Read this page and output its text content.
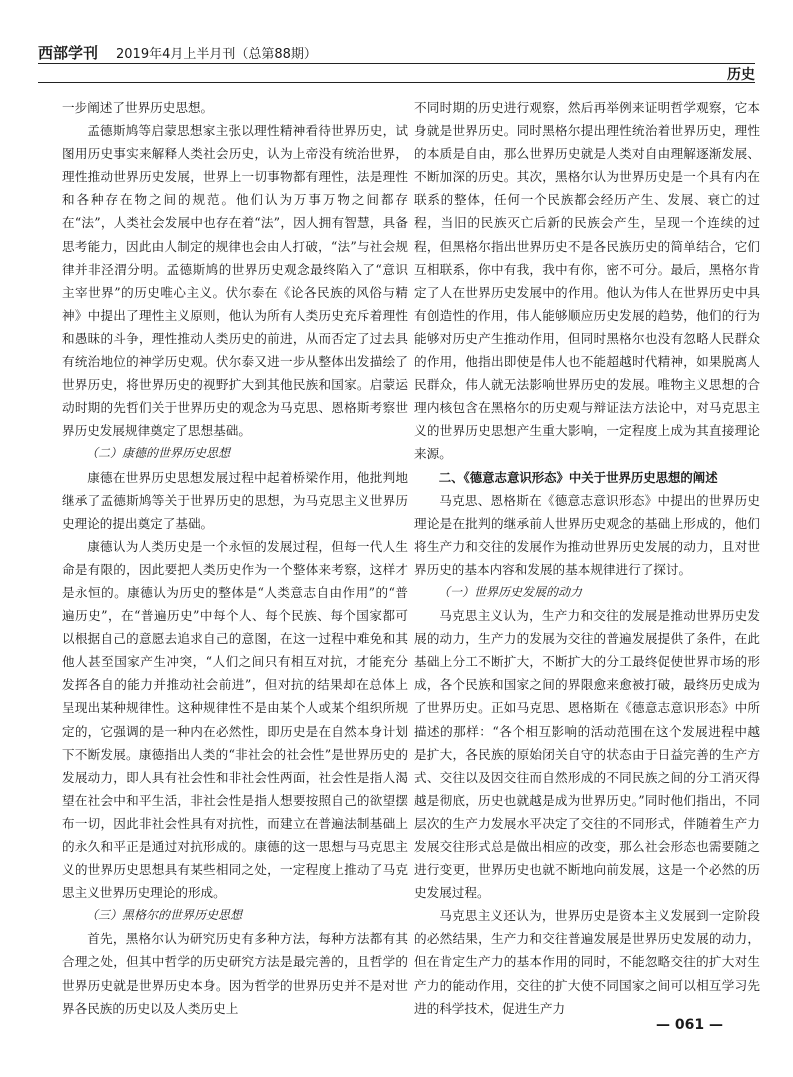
西部学刊 2019年4月上半月刊（总第88期）
历史

一步阐述了世界历史思想。

孟德斯鸠等启蒙思想家主张以理性精神看待世界历史，试图用历史事实来解释人类社会历史，认为上帝没有统治世界，理性推动世界历史发展，世界上一切事物都有理性，法是理性和各种存在物之间的规范。他们认为万事万物之间都存在“法”，人类社会发展中也存在着“法”，因人拥有智慧，具备思考能力，因此由人制定的规律也会由人打破，“法”与社会规律并非泾渭分明。孟德斯鸠的世界历史观念最终陷入了“意识主宰世界”的历史唯心主义。伏尔泰在《论各民族的风俗与精神》中提出了理性主义原则，他认为所有人类历史充斥着理性和愚昧的斗争，理性推动人类历史的前进，从而否定了过去具有统治地位的神学历史观。伏尔泰又进一步从整体出发描绘了世界历史，将世界历史的视野扩大到其他民族和国家。启蒙运动时期的先哲们关于世界历史的观念为马克思、恩格斯考察世界历史发展规律奠定了思想基础。

（二）康德的世界历史思想

康德在世界历史思想发展过程中起着桥梁作用，他批判地继承了孟德斯鸠等关于世界历史的思想，为马克思主义世界历史理论的提出奠定了基础。

康德认为人类历史是一个永恒的发展过程，但每一代人生命是有限的，因此要把人类历史作为一个整体来考察，这样才是永恒的。康德认为历史的整体是“人类意志自由作用”的“普遍历史”，在“普遍历史”中每个人、每个民族、每个国家都可以根据自己的意愿去追求自己的意图，在这一过程中难免和其他人甚至国家产生冲突，“人们之间只有相互对抗，才能充分发挥各自的能力并推动社会前进”，但对抗的结果却在总体上呈现出某种规律性。这种规律性不是由某个人或某个组织所规定的，它强调的是一种内在必然性，即历史是在自然本身计划下不断发展。康德指出人类的“非社会的社会性”是世界历史的发展动力，即人具有社会性和非社会性两面，社会性是指人渴望在社会中和平生活，非社会性是指人想要按照自己的欲望摆布一切，因此非社会性具有对抗性，而建立在普遍法制基础上的永久和平正是通过对抗形成的。康德的这一思想与马克思主义的世界历史思想具有某些相同之处，一定程度上推动了马克思主义世界历史理论的形成。

（三）黑格尔的世界历史思想

首先，黑格尔认为研究历史有多种方法，每种方法都有其合理之处，但其中哲学的历史研究方法是最完善的，且哲学的世界历史就是世界历史本身。因为哲学的世界历史并不是对世界各民族的历史以及人类历史上

不同时期的历史进行观察，然后再举例来证明哲学观察，它本身就是世界历史。同时黑格尔提出理性统治着世界历史，理性的本质是自由，那么世界历史就是人类对自由理解逐渐发展、不断加深的历史。其次，黑格尔认为世界历史是一个具有内在联系的整体，任何一个民族都会经历产生、发展、衰亡的过程，当旧的民族灭亡后新的民族会产生，呈现一个连续的过程，但黑格尔指出世界历史不是各民族历史的简单结合，它们互相联系，你中有我，我中有你，密不可分。最后，黑格尔肯定了人在世界历史发展中的作用。他认为伟人在世界历史中具有创造性的作用，伟人能够顺应历史发展的趋势，他们的行为能够对历史产生推动作用，但同时黑格尔也没有忽略人民群众的作用，他指出即使是伟人也不能超越时代精神，如果脱离人民群众，伟人就无法影响世界历史的发展。唯物主义思想的合理内核包含在黑格尔的历史观与辩证法方法论中，对马克思主义的世界历史思想产生重大影响，一定程度上成为其直接理论来源。

二、《德意志意识形态》中关于世界历史思想的阐述

马克思、恩格斯在《德意志意识形态》中提出的世界历史理论是在批判的继承前人世界历史观念的基础上形成的，他们将生产力和交往的发展作为推动世界历史发展的动力，且对世界历史的基本内容和发展的基本规律进行了探讨。

（一）世界历史发展的动力

马克思主义认为，生产力和交往的发展是推动世界历史发展的动力，生产力的发展为交往的普遍发展提供了条件，在此基础上分工不断扩大，不断扩大的分工最终促使世界市场的形成，各个民族和国家之间的界限愈来愈被打破，最终历史成为了世界历史。正如马克思、恩格斯在《德意志意识形态》中所描述的那样：“各个相互影响的活动范围在这个发展进程中越是扩大，各民族的原始闭关自守的状态由于日益完善的生产方式、交往以及因交往而自然形成的不同民族之间的分工消灭得越是彻底，历史也就越是成为世界历史。”同时他们指出，不同层次的生产力发展水平决定了交往的不同形式，伴随着生产力发展交往形式总是做出相应的改变，那么社会形态也需要随之进行变更，世界历史也就不断地向前发展，这是一个必然的历史发展过程。

马克思主义还认为，世界历史是资本主义发展到一定阶段的必然结果，生产力和交往普遍发展是世界历史发展的动力，但在肯定生产力的基本作用的同时，不能忽略交往的扩大对生产力的能动作用，交往的扩大使不同国家之间可以相互学习先进的科学技术，促进生产力

— 061 —
